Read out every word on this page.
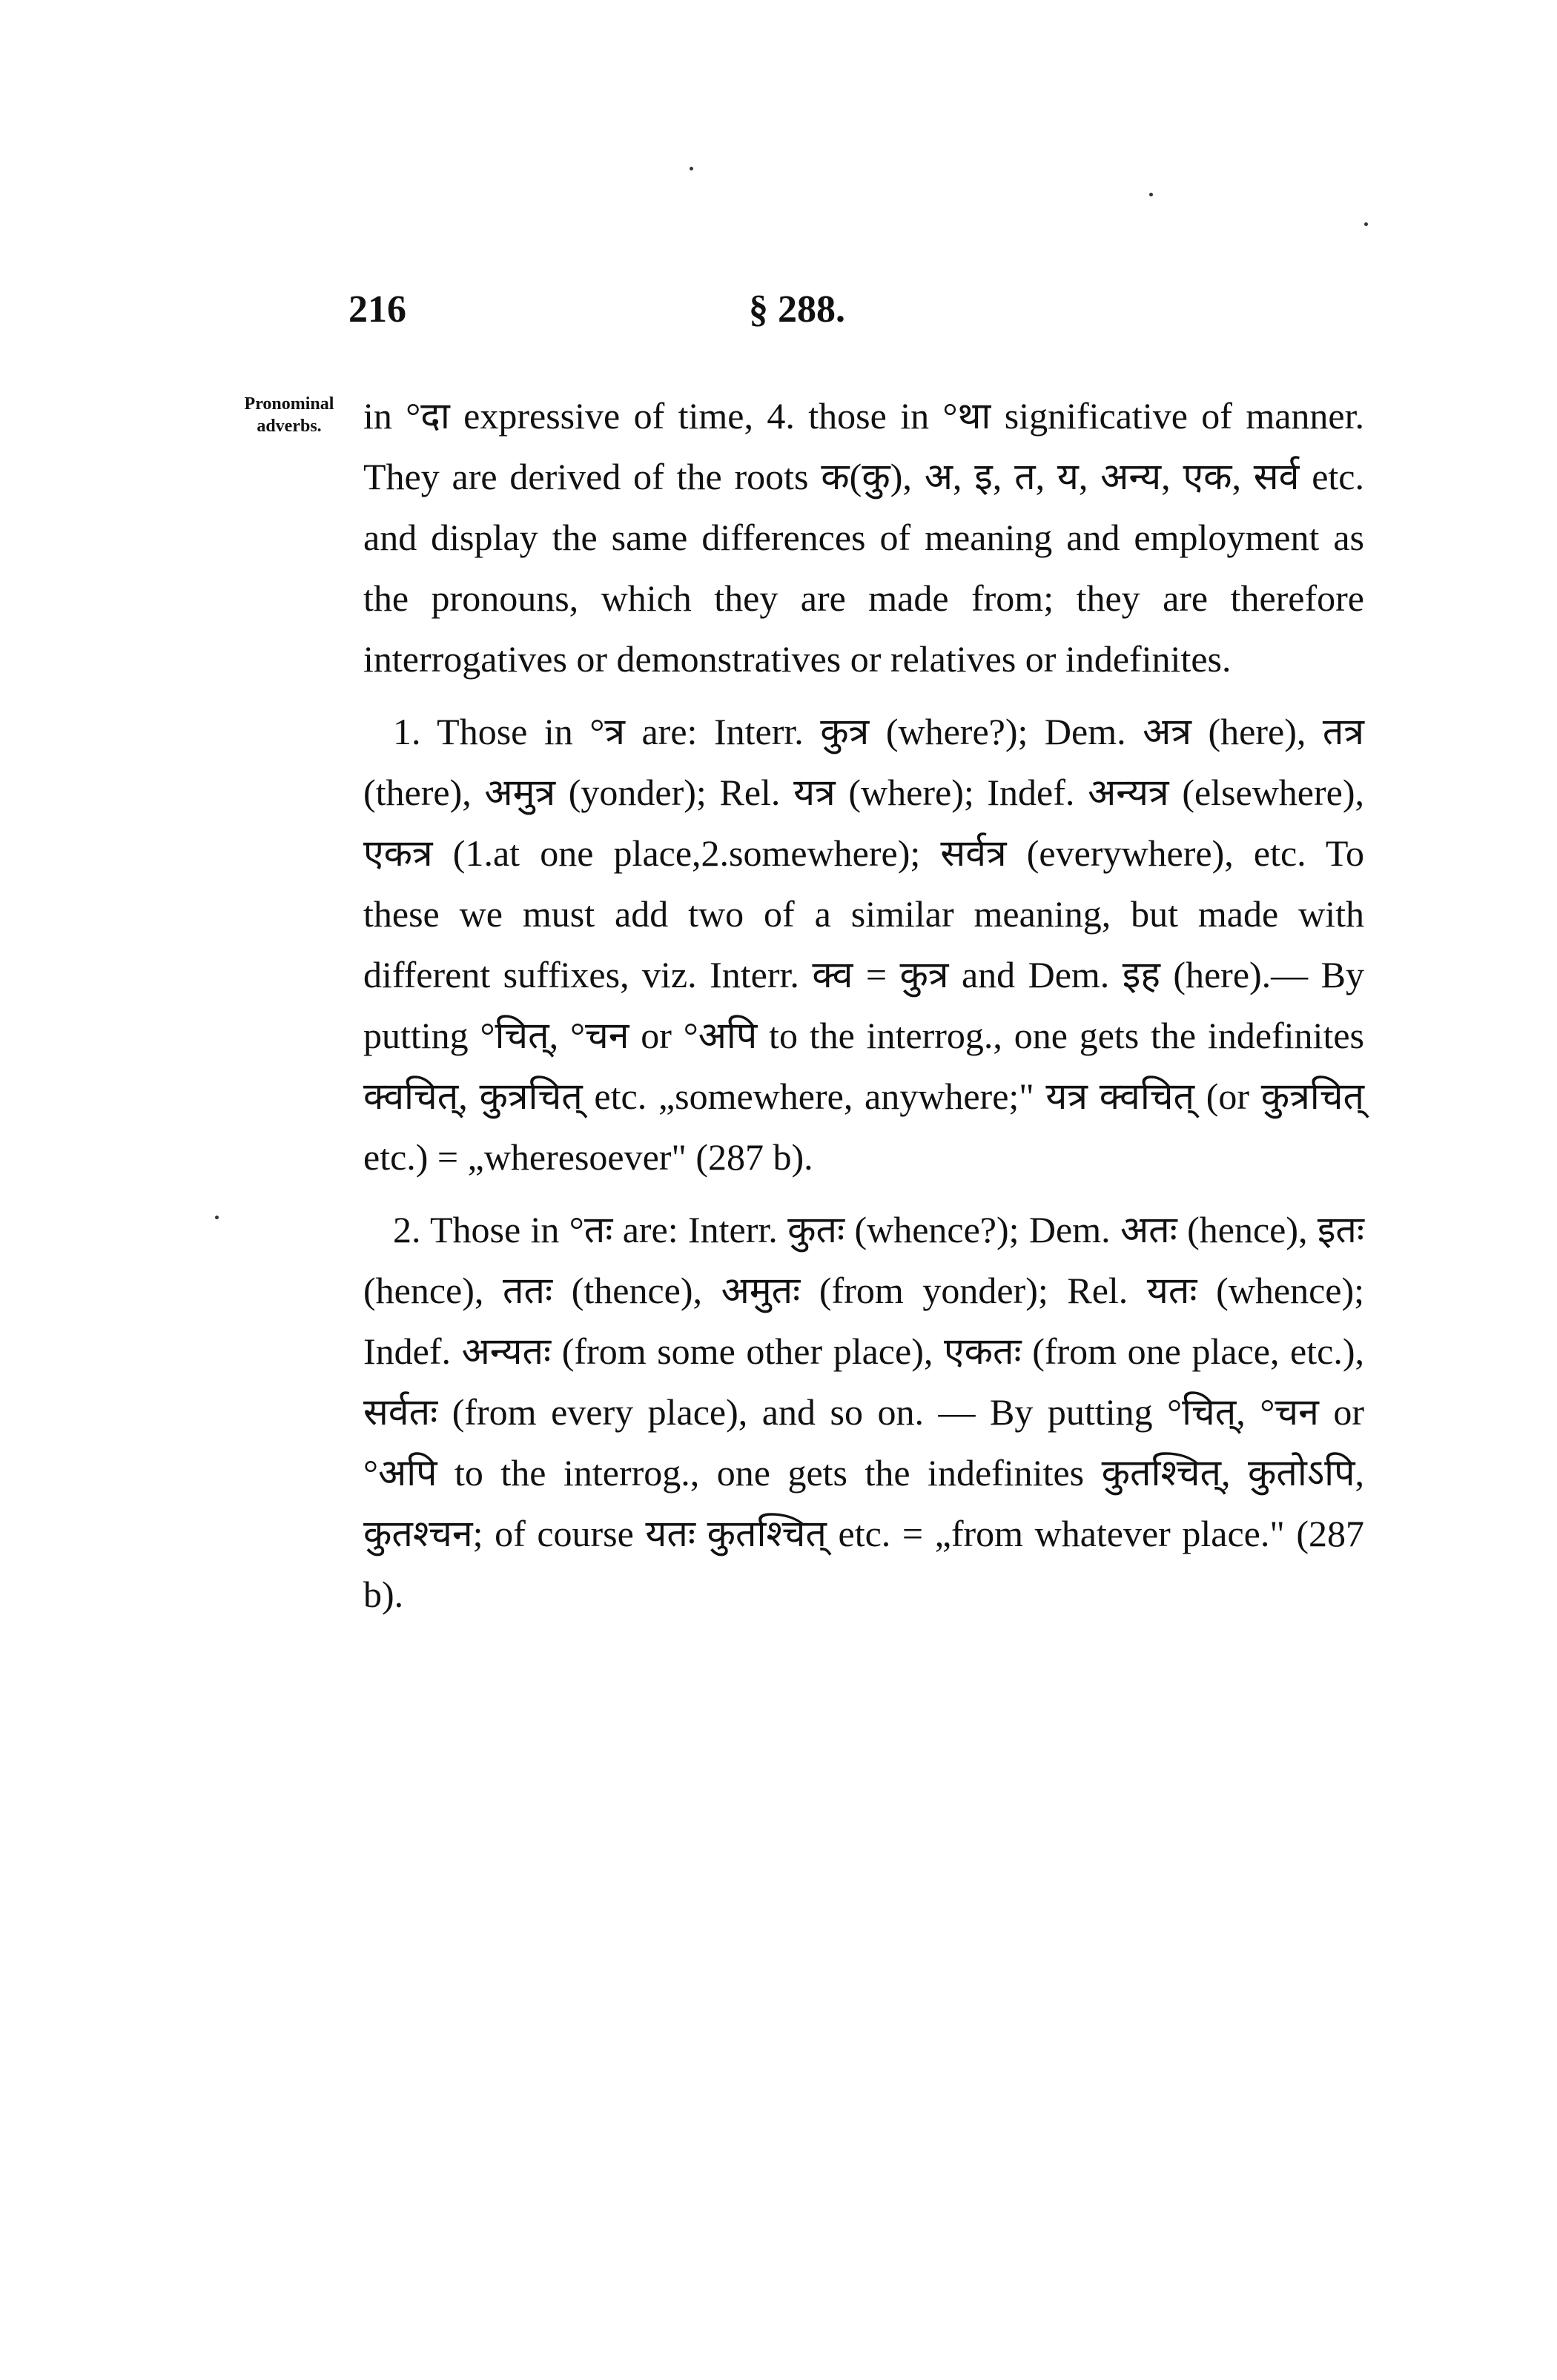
216	§ 288.
Pronominal adverbs.	in °दा expressive of time, 4. those in °था significative of manner. They are derived of the roots क(कु), अ, इ, त, य, अन्य, एक, सर्व etc. and display the same differences of meaning and employment as the pronouns, which they are made from; they are therefore interrogatives or demonstratives or relatives or indefinites.

1. Those in °त्र are: Interr. कुत्र (where?); Dem. अत्र (here), तत्र (there), अमुत्र (yonder); Rel. यत्र (where); Indef. अन्यत्र (elsewhere), एकत्र (1.at one place,2.somewhere); सर्वत्र (everywhere), etc. To these we must add two of a similar meaning, but made with different suffixes, viz. Interr. क्व = कुत्र and Dem. इह (here).— By putting °चित्, °चन or °अपि to the interrog., one gets the indefinites क्वचित्, कुत्रचित् etc. „somewhere, anywhere;" यत्र क्वचित् (or कुत्रचित् etc.) = „wheresoever" (287 b).

2. Those in °तः are: Interr. कुतः (whence?); Dem. अतः (hence), इतः (hence), ततः (thence), अमुतः (from yonder); Rel. यतः (whence); Indef. अन्यतः (from some other place), एकतः (from one place, etc.), सर्वतः (from every place), and so on. — By putting °चित्, °चन or °अपि to the interrog., one gets the indefinites कुतश्चित्, कुतोऽपि, कुतश्चन; of course यतः कुतश्चित् etc. = „from whatever place." (287 b).
